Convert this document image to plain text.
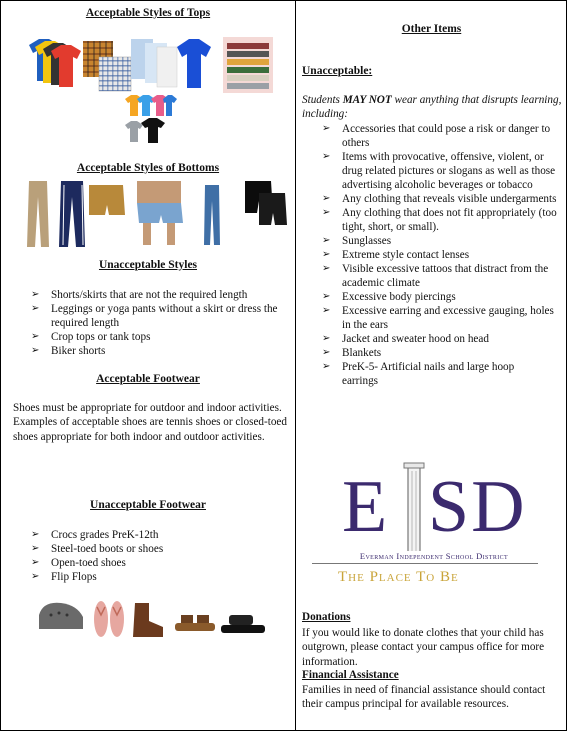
Acceptable Styles of Tops
Acceptable Styles of Bottoms
Unacceptable Styles
➢ Shorts/skirts that are not the required length
➢ Leggings or yoga pants without a skirt or dress the required length
➢ Crop tops or tank tops
➢ Biker shorts
Acceptable Footwear
Shoes must be appropriate for outdoor and indoor activities. Examples of acceptable shoes are tennis shoes or closed-toed shoes appropriate for both indoor and outdoor activities.
Unacceptable Footwear
➢ Crocs grades PreK-12th
➢ Steel-toed boots or shoes
➢ Open-toed shoes
➢ Flip Flops
Other Items
Unacceptable:
Students MAY NOT wear anything that disrupts learning, including:
➢ Accessories that could pose a risk or danger to others
➢ Items with provocative, offensive, violent, or drug related pictures or slogans as well as those advertising alcoholic beverages or tobacco
➢ Any clothing that reveals visible undergarments
➢ Any clothing that does not fit appropriately (too tight, short, or small).
➢ Sunglasses
➢ Extreme style contact lenses
➢ Visible excessive tattoos that distract from the academic climate
➢ Excessive body piercings
➢ Excessive earring and excessive gauging, holes in the ears
➢ Jacket and sweater hood on head
➢ Blankets
➢ PreK-5- Artificial nails and large hoop earrings
E SD
Everman Independent School District
The Place To Be
Donations
If you would like to donate clothes that your child has outgrown, please contact your campus office for more information.
Financial Assistance
Families in need of financial assistance should contact their campus principal for available resources.
